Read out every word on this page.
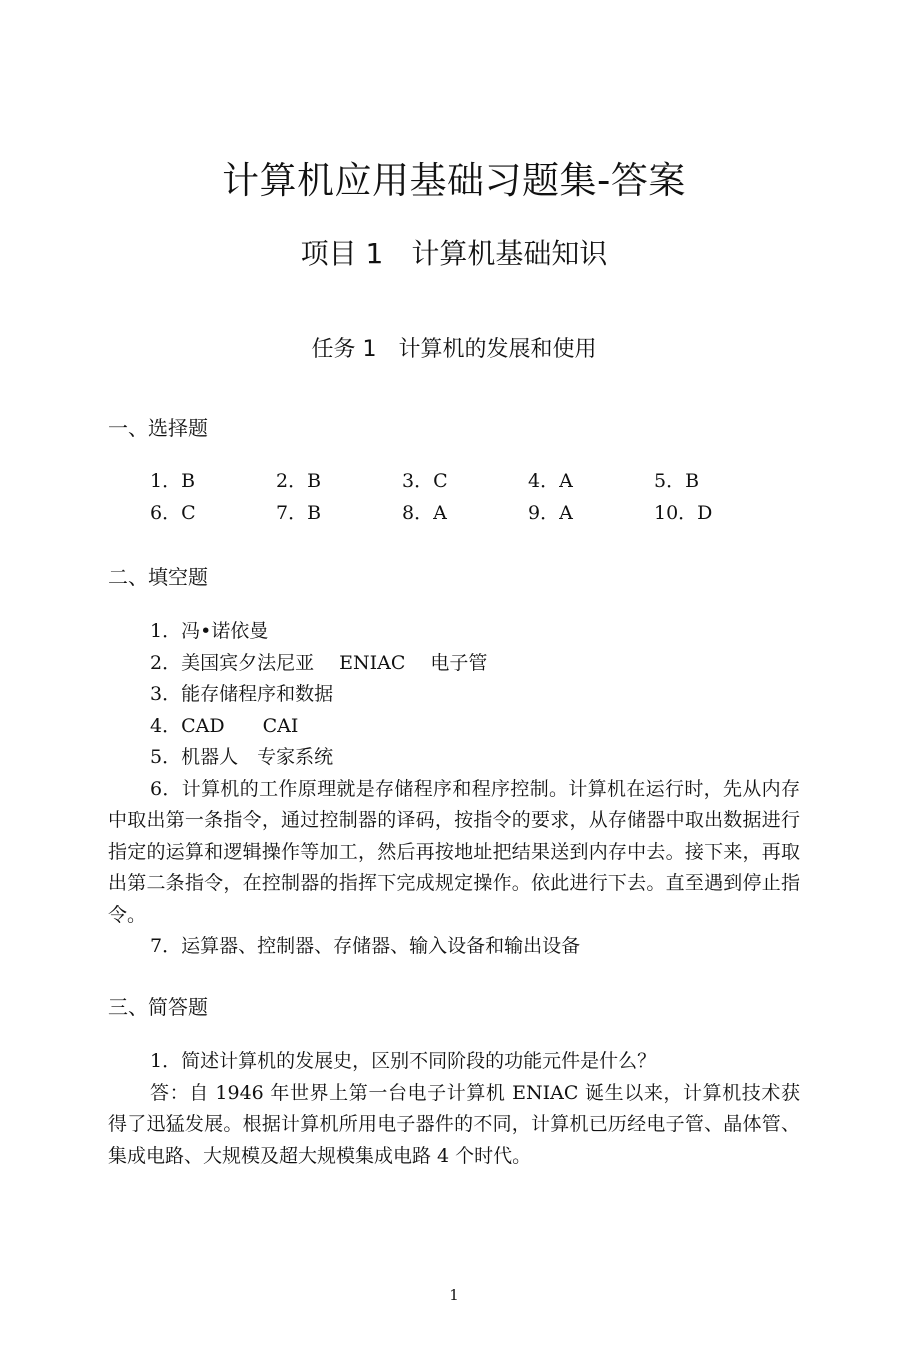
计算机应用基础习题集-答案
项目 1　计算机基础知识
任务 1　计算机的发展和使用
一、选择题
1．B	2．B	3．C	4．A	5．B
6．C	7．B	8．A	9．A	10．D
二、填空题
1．冯•诺依曼
2．美国宾夕法尼亚　 ENIAC　 电子管
3．能存储程序和数据
4．CAD　　CAI
5．机器人　专家系统

6．计算机的工作原理就是存储程序和程序控制。计算机在运行时，先从内存中取出第一条指令，通过控制器的译码，按指令的要求，从存储器中取出数据进行指定的运算和逻辑操作等加工，然后再按地址把结果送到内存中去。接下来，再取出第二条指令，在控制器的指挥下完成规定操作。依此进行下去。直至遇到停止指令。

7．运算器、控制器、存储器、输入设备和输出设备
三、简答题
1．简述计算机的发展史，区别不同阶段的功能元件是什么？

答：自 1946 年世界上第一台电子计算机 ENIAC 诞生以来，计算机技术获得了迅猛发展。根据计算机所用电子器件的不同，计算机已历经电子管、晶体管、集成电路、大规模及超大规模集成电路 4 个时代。

1
